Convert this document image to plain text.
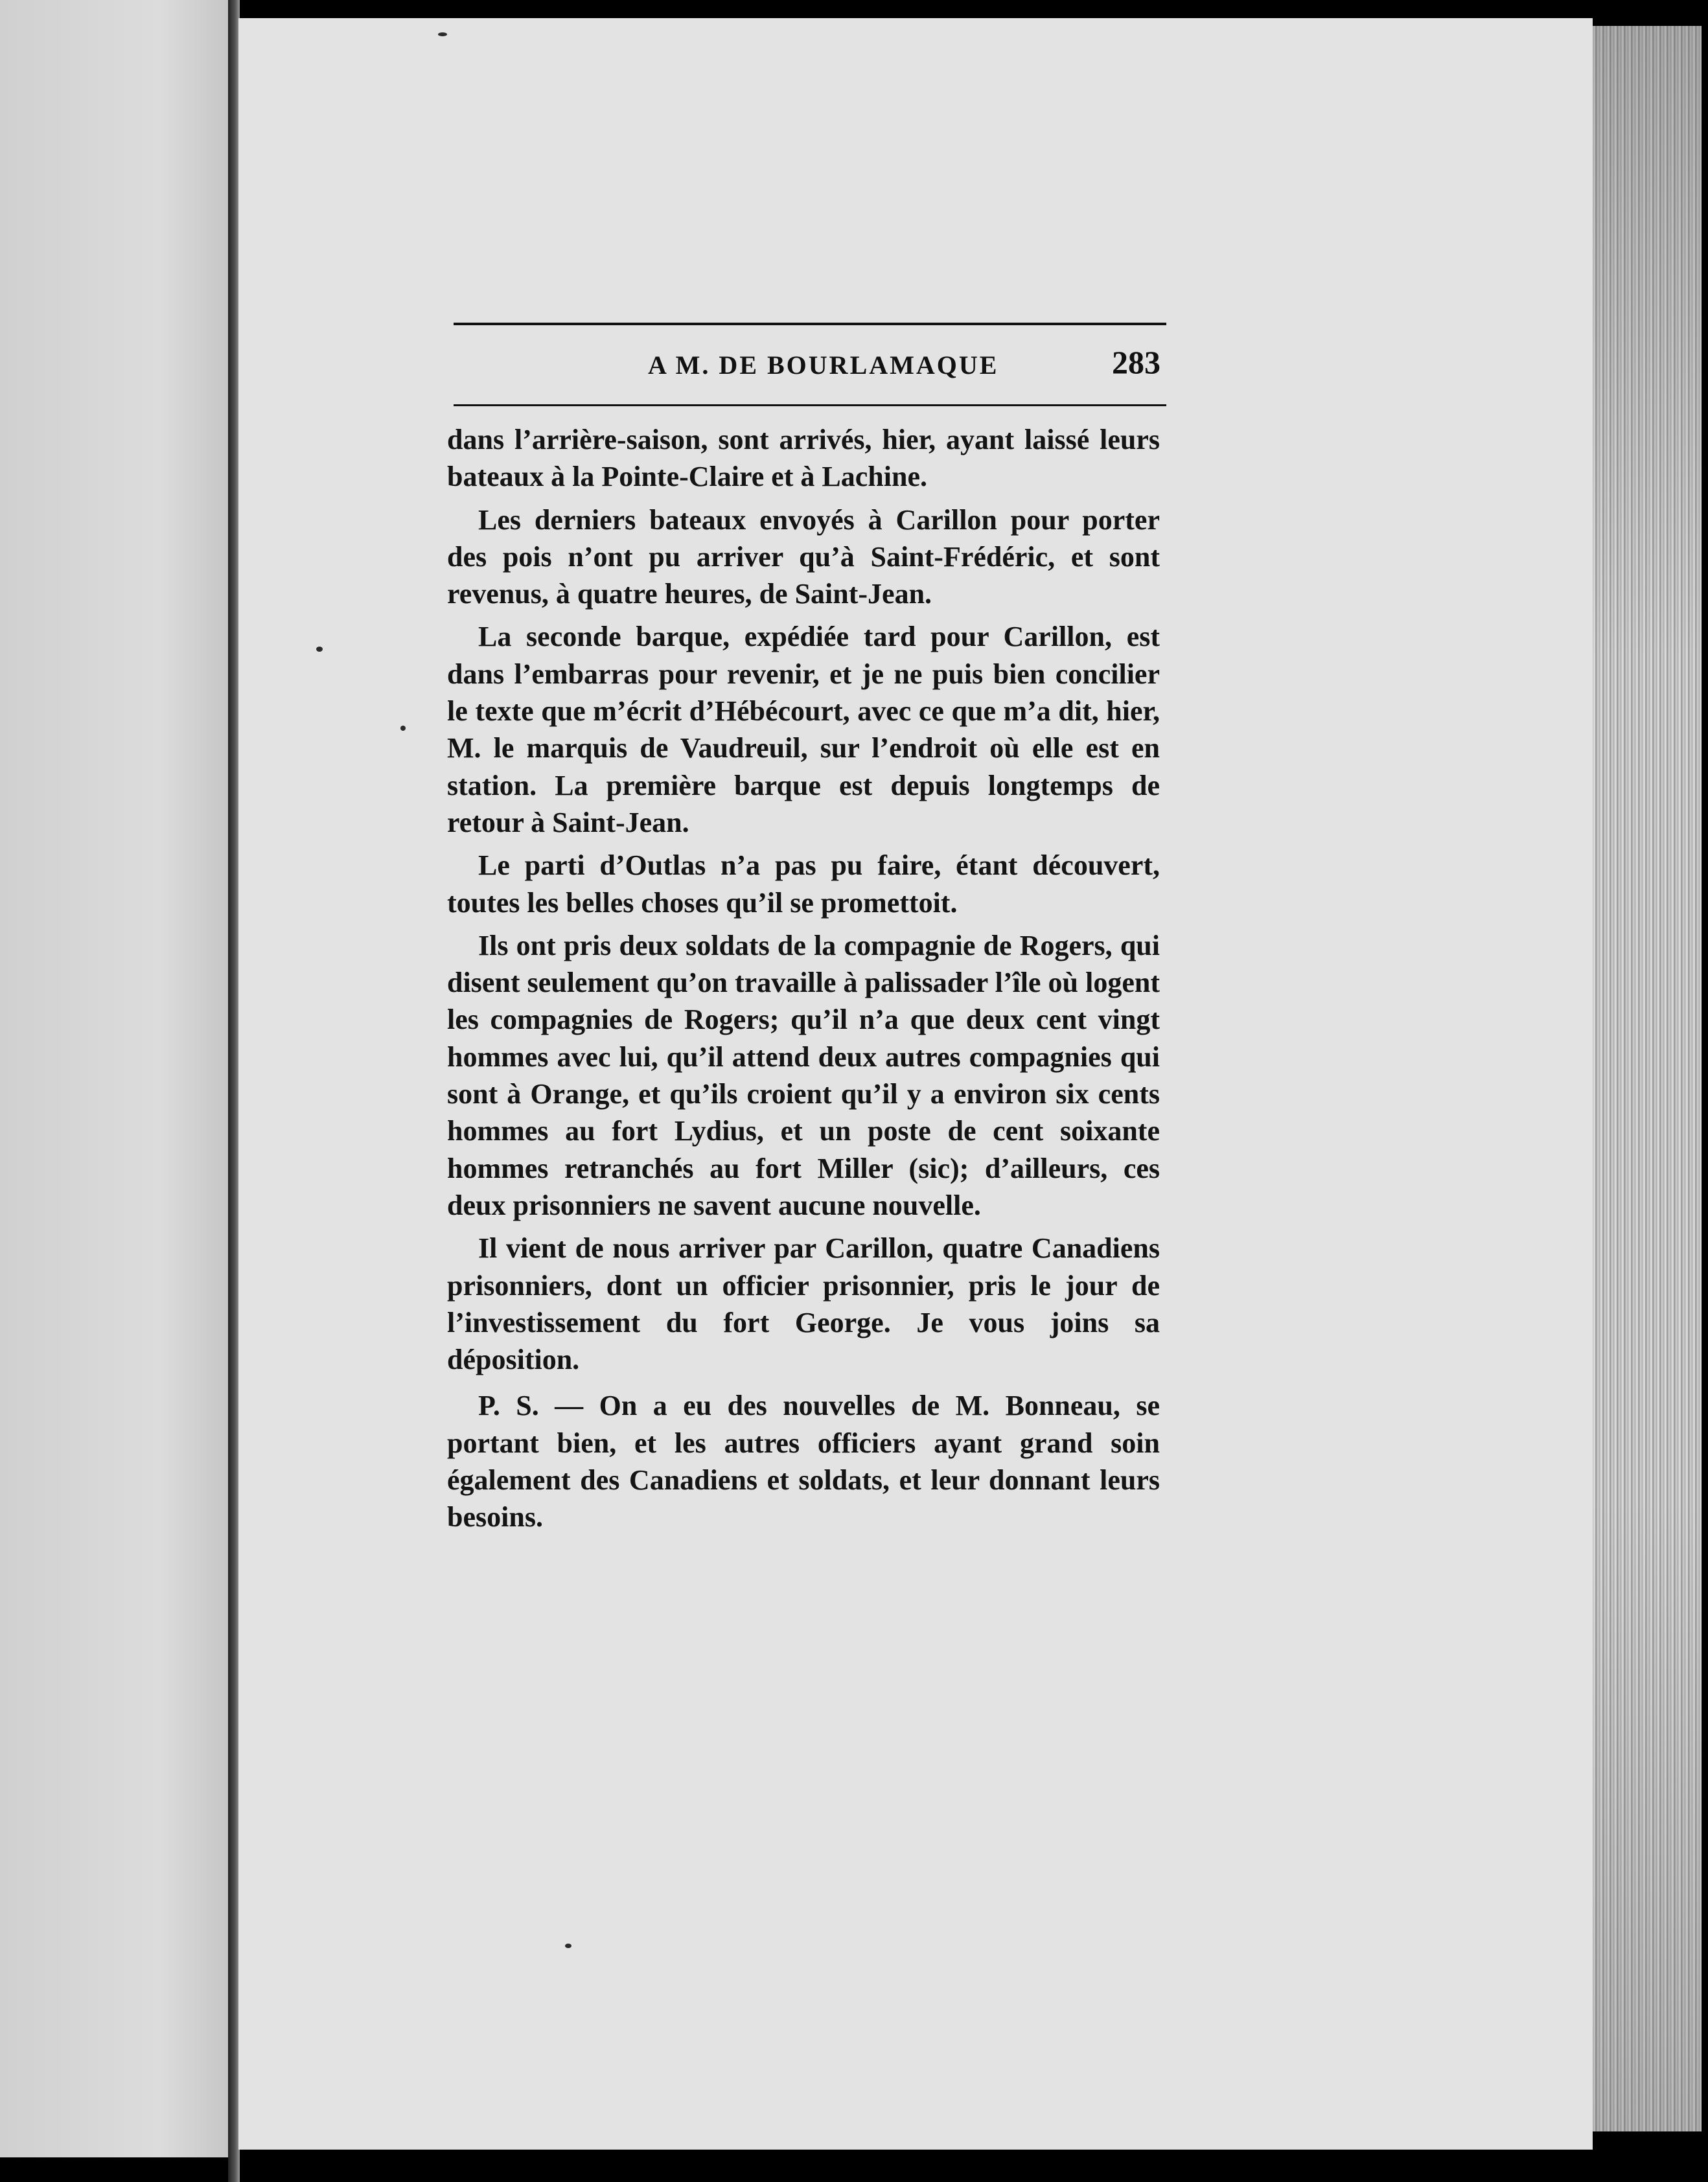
A M. DE BOURLAMAQUE	283

dans l’arrière-saison, sont arrivés, hier, ayant laissé leurs bateaux à la Pointe-Claire et à Lachine.

Les derniers bateaux envoyés à Carillon pour porter des pois n’ont pu arriver qu’à Saint-Frédéric, et sont revenus, à quatre heures, de Saint-Jean.

La seconde barque, expédiée tard pour Carillon, est dans l’embarras pour revenir, et je ne puis bien concilier le texte que m’écrit d’Hébécourt, avec ce que m’a dit, hier, M. le marquis de Vaudreuil, sur l’endroit où elle est en station. La première barque est depuis longtemps de retour à Saint-Jean.

Le parti d’Outlas n’a pas pu faire, étant découvert, toutes les belles choses qu’il se promettoit.

Ils ont pris deux soldats de la compagnie de Rogers, qui disent seulement qu’on travaille à palissader l’île où logent les compagnies de Rogers; qu’il n’a que deux cent vingt hommes avec lui, qu’il attend deux autres compagnies qui sont à Orange, et qu’ils croient qu’il y a environ six cents hommes au fort Lydius, et un poste de cent soixante hommes retranchés au fort Miller (sic); d’ailleurs, ces deux prisonniers ne savent aucune nouvelle.

Il vient de nous arriver par Carillon, quatre Canadiens prisonniers, dont un officier prisonnier, pris le jour de l’investissement du fort George. Je vous joins sa déposition.

P. S. — On a eu des nouvelles de M. Bonneau, se portant bien, et les autres officiers ayant grand soin également des Canadiens et soldats, et leur donnant leurs besoins.
